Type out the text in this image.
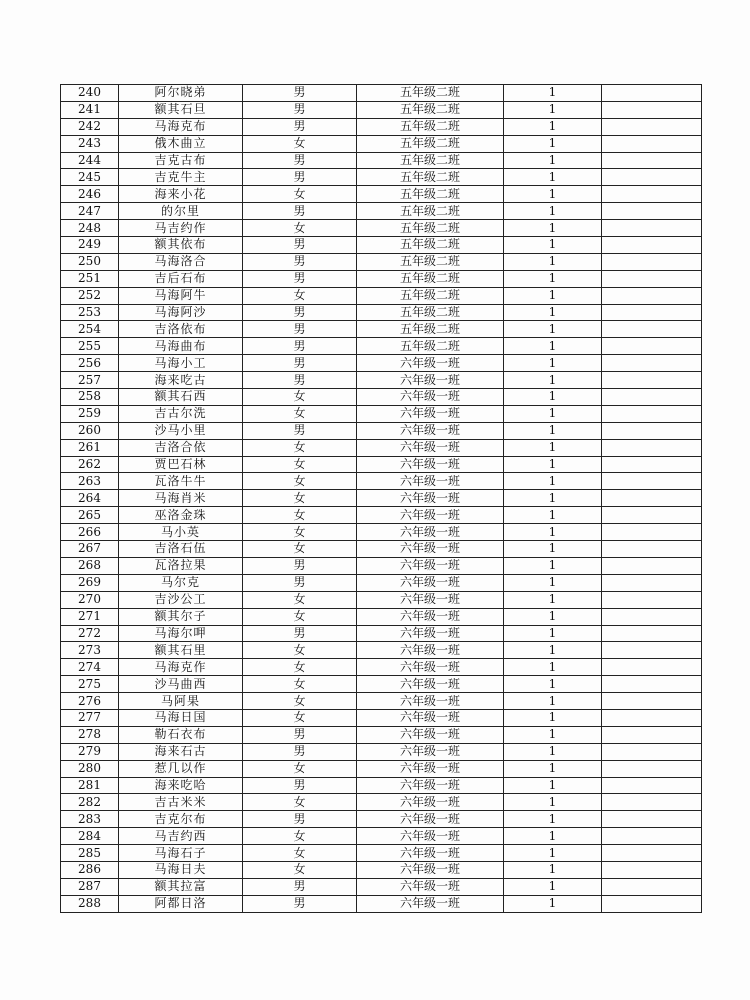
240	阿尔晓弟	男	五年级二班	1	
241	额其石旦	男	五年级二班	1	
242	马海克布	男	五年级二班	1	
243	俄木曲立	女	五年级二班	1	
244	吉克古布	男	五年级二班	1	
245	吉克牛主	男	五年级二班	1	
246	海来小花	女	五年级二班	1	
247	的尔里	男	五年级二班	1	
248	马吉约作	女	五年级二班	1	
249	额其依布	男	五年级二班	1	
250	马海洛合	男	五年级二班	1	
251	吉后石布	男	五年级二班	1	
252	马海阿牛	女	五年级二班	1	
253	马海阿沙	男	五年级二班	1	
254	吉洛依布	男	五年级二班	1	
255	马海曲布	男	五年级二班	1	
256	马海小工	男	六年级一班	1	
257	海来吃古	男	六年级一班	1	
258	额其石西	女	六年级一班	1	
259	吉古尔洗	女	六年级一班	1	
260	沙马小里	男	六年级一班	1	
261	吉洛合依	女	六年级一班	1	
262	贾巴石林	女	六年级一班	1	
263	瓦洛牛牛	女	六年级一班	1	
264	马海肖米	女	六年级一班	1	
265	巫洛金珠	女	六年级一班	1	
266	马小英	女	六年级一班	1	
267	吉洛石伍	女	六年级一班	1	
268	瓦洛拉果	男	六年级一班	1	
269	马尔克	男	六年级一班	1	
270	吉沙公工	女	六年级一班	1	
271	额其尔子	女	六年级一班	1	
272	马海尔呷	男	六年级一班	1	
273	额其石里	女	六年级一班	1	
274	马海克作	女	六年级一班	1	
275	沙马曲西	女	六年级一班	1	
276	马阿果	女	六年级一班	1	
277	马海日国	女	六年级一班	1	
278	勒石衣布	男	六年级一班	1	
279	海来石古	男	六年级一班	1	
280	惹几以作	女	六年级一班	1	
281	海来吃哈	男	六年级一班	1	
282	吉古米米	女	六年级一班	1	
283	吉克尔布	男	六年级一班	1	
284	马吉约西	女	六年级一班	1	
285	马海石子	女	六年级一班	1	
286	马海日夫	女	六年级一班	1	
287	额其拉富	男	六年级一班	1	
288	阿都日洛	男	六年级一班	1	
